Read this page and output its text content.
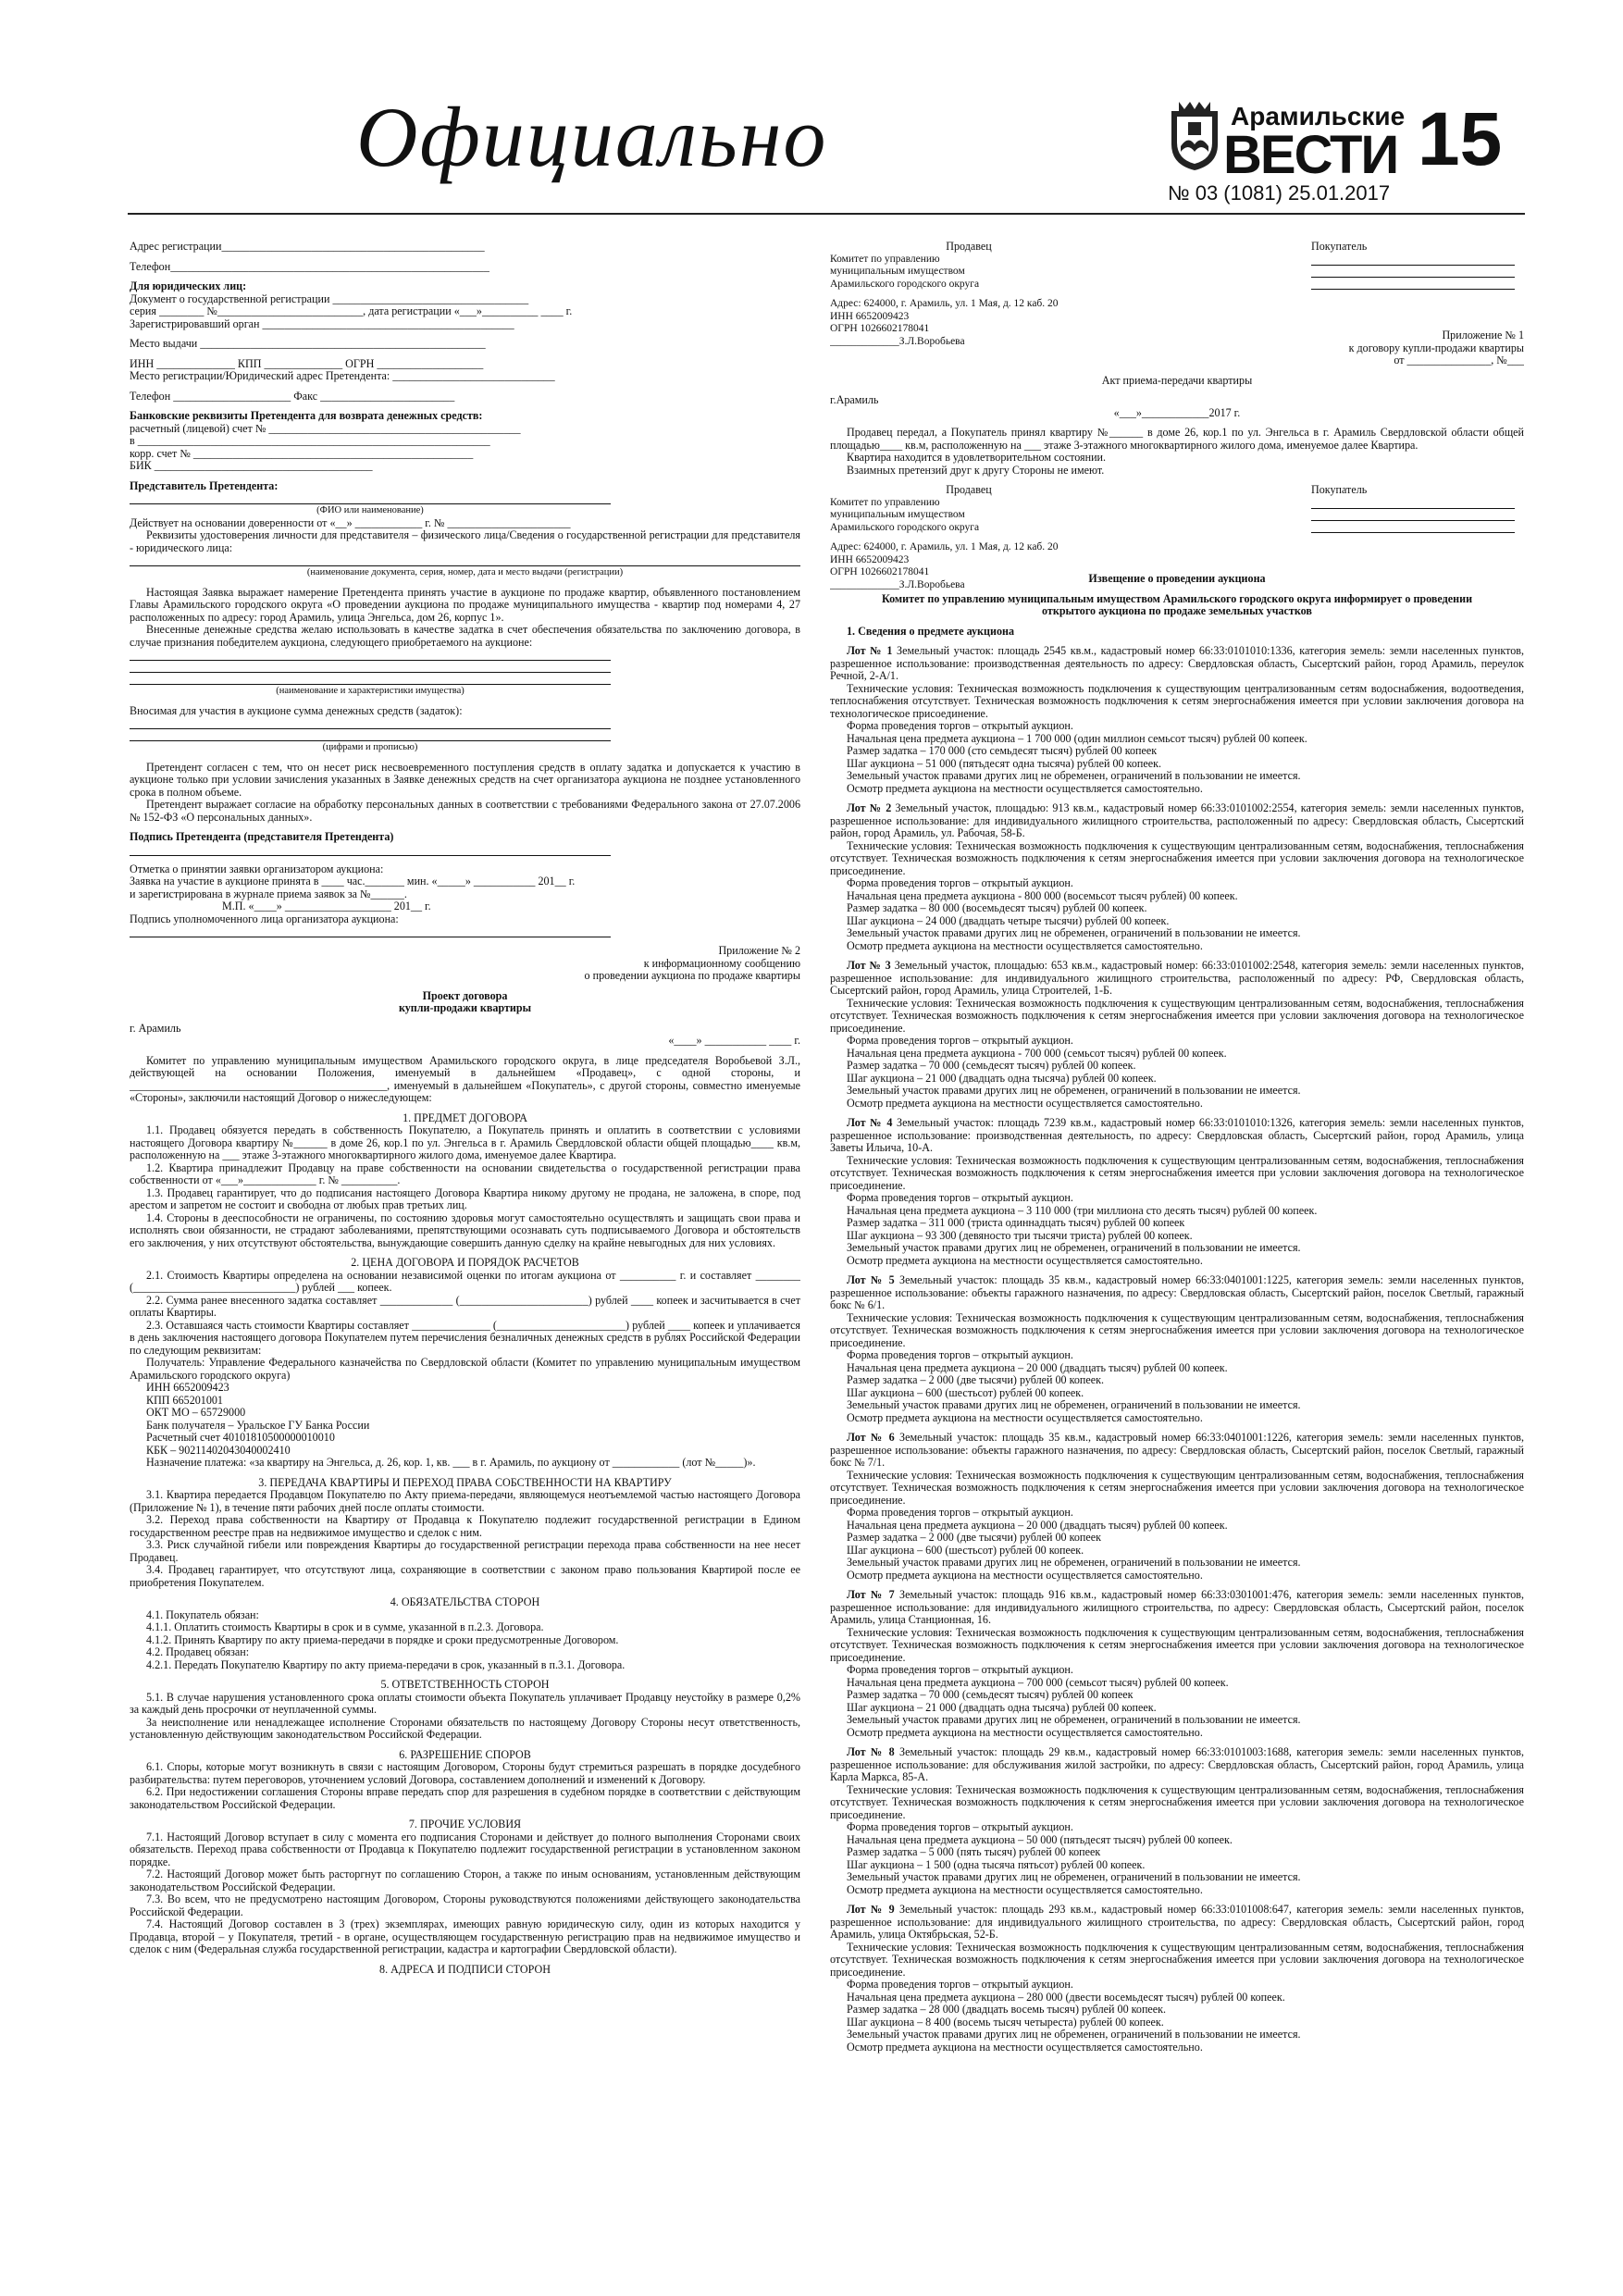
Официально	Арамильские
ВЕСТИ 15
№ 03 (1081) 25.01.2017

Адрес регистрации_______________________________________________

Телефон_________________________________________________________

Для юридических лиц:

Документ о государственной регистрации ___________________________________

серия ________ №__________________________, дата регистрации «___»__________ ____ г.

Зарегистрировавший орган _____________________________________________

Место выдачи ___________________________________________________

ИНН ______________ КПП ______________ ОГРН ___________________

Место регистрации/Юридический адрес Претендента: _____________________________

Телефон _____________________ Факс ________________________

Банковские реквизиты Претендента для возврата денежных средств:

расчетный (лицевой) счет № _____________________________________________

в _______________________________________________________________

корр. счет № __________________________________________________

БИК _______________________________________

Представитель Претендента:

(ФИО или наименование)

Действует на основании доверенности от «__» ____________ г. № ______________________

Реквизиты удостоверения личности для представителя – физического лица/Сведения о государственной регистрации для представителя - юридического лица:

(наименование документа, серия, номер, дата и место выдачи (регистрации)

Настоящая Заявка выражает намерение Претендента принять участие в аукционе по продаже квартир, объявленного постановлением Главы Арамильского городского округа «О проведении аукциона по продаже муниципального имущества - квартир под номерами 4, 27 расположенных по адресу: город Арамиль, улица Энгельса, дом 26, корпус 1».

Внесенные денежные средства желаю использовать в качестве задатка в счет обеспечения обязательства по заключению договора, в случае признания победителем аукциона, следующего приобретаемого на аукционе:

(наименование и характеристики имущества)

Вносимая для участия в аукционе сумма денежных средств (задаток):

(цифрами и прописью)

Претендент согласен с тем, что он несет риск несвоевременного поступления средств в оплату задатка и допускается к участию в аукционе только при условии зачисления указанных в Заявке денежных средств на счет организатора аукциона не позднее установленного срока в полном объеме.

Претендент выражает согласие на обработку персональных данных в соответствии с требованиями Федерального закона от 27.07.2006 № 152-ФЗ «О персональных данных».

Подпись Претендента (представителя Претендента)

Отметка о принятии заявки организатором аукциона:

Заявка на участие в аукционе принята в ____ час._______ мин. «_____» ___________ 201__ г.

и зарегистрирована в журнале приема заявок за №______.

М.П. «____» ___________________ 201__ г.

Подпись уполномоченного лица организатора аукциона:

Приложение № 2

к информационному сообщению

о проведении аукциона по продаже квартиры

Проект договора

купли-продажи квартиры

г. Арамиль

«____» ___________ ____ г.

Комитет по управлению муниципальным имуществом Арамильского городского округа, в лице председателя Воробьевой З.Л., действующей на основании Положения, именуемый в дальнейшем «Продавец», с одной стороны, и ______________________________________________, именуемый в дальнейшем «Покупатель», с другой стороны, совместно именуемые «Стороны», заключили настоящий Договор о нижеследующем:

1. ПРЕДМЕТ ДОГОВОРА

1.1. Продавец обязуется передать в собственность Покупателю, а Покупатель принять и оплатить в соответствии с условиями настоящего Договора квартиру №______ в доме 26, кор.1 по ул. Энгельса в г. Арамиль Свердловской области общей площадью____ кв.м, расположенную на ___ этаже 3-этажного многоквартирного жилого дома, именуемое далее Квартира.

1.2. Квартира принадлежит Продавцу на праве собственности на основании свидетельства о государственной регистрации права собственности от «___»_____________ г. № __________.

1.3. Продавец гарантирует, что до подписания настоящего Договора Квартира никому другому не продана, не заложена, в споре, под арестом и запретом не состоит и свободна от любых прав третьих лиц.

1.4. Стороны в дееспособности не ограничены, по состоянию здоровья могут самостоятельно осуществлять и защищать свои права и исполнять свои обязанности, не страдают заболеваниями, препятствующими осознавать суть подписываемого Договора и обстоятельств его заключения, у них отсутствуют обстоятельства, вынуждающие совершить данную сделку на крайне невыгодных для них условиях.

2. ЦЕНА ДОГОВОРА И ПОРЯДОК РАСЧЕТОВ

2.1. Стоимость Квартиры определена на основании независимой оценки по итогам аукциона от __________ г. и составляет ________ (_____________________________) рублей ___ копеек.

2.2. Сумма ранее внесенного задатка составляет _____________ (_______________________) рублей ____ копеек и засчитывается в счет оплаты Квартиры.

2.3. Оставшаяся часть стоимости Квартиры составляет ______________ (_______________________) рублей ____ копеек и уплачивается в день заключения настоящего договора Покупателем путем перечисления безналичных денежных средств в рублях Российской Федерации по следующим реквизитам:

Получатель: Управление Федерального казначейства по Свердловской области (Комитет по управлению муниципальным имуществом Арамильского городского округа)

ИНН 6652009423

КПП 665201001

ОКТ МО – 65729000

Банк получателя – Уральское ГУ Банка России

Расчетный счет 40101810500000010010

КБК – 90211402043040002410

Назначение платежа: «за квартиру на Энгельса, д. 26, кор. 1, кв. ___ в г. Арамиль, по аукциону от ____________ (лот №_____)».

3. ПЕРЕДАЧА КВАРТИРЫ И ПЕРЕХОД ПРАВА СОБСТВЕННОСТИ НА КВАРТИРУ

3.1. Квартира передается Продавцом Покупателю по Акту приема-передачи, являющемуся неотъемлемой частью настоящего Договора (Приложение № 1), в течение пяти рабочих дней после оплаты стоимости.

3.2. Переход права собственности на Квартиру от Продавца к Покупателю подлежит государственной регистрации в Едином государственном реестре прав на недвижимое имущество и сделок с ним.

3.3. Риск случайной гибели или повреждения Квартиры до государственной регистрации перехода права собственности на нее несет Продавец.

3.4. Продавец гарантирует, что отсутствуют лица, сохраняющие в соответствии с законом право пользования Квартирой после ее приобретения Покупателем.

4. ОБЯЗАТЕЛЬСТВА СТОРОН

4.1. Покупатель обязан:

4.1.1. Оплатить стоимость Квартиры в срок и в сумме, указанной в п.2.3. Договора.

4.1.2. Принять Квартиру по акту приема-передачи в порядке и сроки предусмотренные Договором.

4.2. Продавец обязан:

4.2.1. Передать Покупателю Квартиру по акту приема-передачи в срок, указанный в п.3.1. Договора.

5. ОТВЕТСТВЕННОСТЬ СТОРОН

5.1. В случае нарушения установленного срока оплаты стоимости объекта Покупатель уплачивает Продавцу неустойку в размере 0,2% за каждый день просрочки от неуплаченной суммы.

За неисполнение или ненадлежащее исполнение Сторонами обязательств по настоящему Договору Стороны несут ответственность, установленную действующим законодательством Российской Федерации.

6. РАЗРЕШЕНИЕ СПОРОВ

6.1. Споры, которые могут возникнуть в связи с настоящим Договором, Стороны будут стремиться разрешать в порядке досудебного разбирательства: путем переговоров, уточнением условий Договора, составлением дополнений и изменений к Договору.

6.2. При недостижении соглашения Стороны вправе передать спор для разрешения в судебном порядке в соответствии с действующим законодательством Российской Федерации.

7. ПРОЧИЕ УСЛОВИЯ

7.1. Настоящий Договор вступает в силу с момента его подписания Сторонами и действует до полного выполнения Сторонами своих обязательств. Переход права собственности от Продавца к Покупателю подлежит государственной регистрации в установленном законом порядке.

7.2. Настоящий Договор может быть расторгнут по соглашению Сторон, а также по иным основаниям, установленным действующим законодательством Российской Федерации.

7.3. Во всем, что не предусмотрено настоящим Договором, Стороны руководствуются положениями действующего законодательства Российской Федерации.

7.4. Настоящий Договор составлен в 3 (трех) экземплярах, имеющих равную юридическую силу, один из которых находится у Продавца, второй – у Покупателя, третий - в органе, осуществляющем государственную регистрацию прав на недвижимое имущество и сделок с ним (Федеральная служба государственной регистрации, кадастра и картографии Свердловской области).

8. АДРЕСА И ПОДПИСИ СТОРОН

Продавец

Комитет по управлению

муниципальным имуществом

Арамильского городского округа

Адрес: 624000, г. Арамиль, ул. 1 Мая, д. 12 каб. 20

ИНН 6652009423

ОГРН 1026602178041

_____________З.Л.Воробьева

Покупатель

Приложение № 1

к договору купли-продажи квартиры

от _______________, №___

Акт приема-передачи квартиры

г.Арамиль

«___»____________2017 г.

Продавец передал, а Покупатель принял квартиру №______ в доме 26, кор.1 по ул. Энгельса в г. Арамиль Свердловской области общей площадью____ кв.м, расположенную на ___ этаже 3-этажного многоквартирного жилого дома, именуемое далее Квартира.

Квартира находится в удовлетворительном состоянии.

Взаимных претензий друг к другу Стороны не имеют.

Продавец

Комитет по управлению

муниципальным имуществом

Арамильского городского округа

Адрес: 624000, г. Арамиль, ул. 1 Мая, д. 12 каб. 20

ИНН 6652009423

ОГРН 1026602178041

_____________З.Л.Воробьева

Покупатель

Извещение о проведении аукциона

Комитет по управлению муниципальным имуществом Арамильского городского округа информирует о проведении открытого аукциона по продаже земельных участков

1. Сведения о предмете аукциона

Лот № 1 Земельный участок: площадь 2545 кв.м., кадастровый номер 66:33:0101010:1336, категория земель: земли населенных пунктов, разрешенное использование: производственная деятельность по адресу: Свердловская область, Сысертский район, город Арамиль, переулок Речной, 2-А/1.

Технические условия: Техническая возможность подключения к существующим централизованным сетям водоснабжения, водоотведения, теплоснабжения отсутствует. Техническая возможность подключения к сетям энергоснабжения имеется при условии заключения договора на технологическое присоединение.

Форма проведения торгов – открытый аукцион.

Начальная цена предмета аукциона – 1 700 000 (один миллион семьсот тысяч) рублей 00 копеек.

Размер задатка – 170 000 (сто семьдесят тысяч) рублей 00 копеек

Шаг аукциона – 51 000 (пятьдесят одна тысяча) рублей 00 копеек.

Земельный участок правами других лиц не обременен, ограничений в пользовании не имеется.

Осмотр предмета аукциона на местности осуществляется самостоятельно.

Лот № 2 Земельный участок, площадью: 913 кв.м., кадастровый номер 66:33:0101002:2554, категория земель: земли населенных пунктов, разрешенное использование: для индивидуального жилищного строительства, расположенный по адресу: Свердловская область, Сысертский район, город Арамиль, ул. Рабочая, 58-Б.

Технические условия: Техническая возможность подключения к существующим централизованным сетям, водоснабжения, теплоснабжения отсутствует. Техническая возможность подключения к сетям энергоснабжения имеется при условии заключения договора на технологическое присоединение.

Форма проведения торгов – открытый аукцион.

Начальная цена предмета аукциона - 800 000 (восемьсот тысяч рублей) 00 копеек.

Размер задатка – 80 000 (восемьдесят тысяч) рублей 00 копеек.

Шаг аукциона – 24 000 (двадцать четыре тысячи) рублей 00 копеек.

Земельный участок правами других лиц не обременен, ограничений в пользовании не имеется.

Осмотр предмета аукциона на местности осуществляется самостоятельно.

Лот № 3 Земельный участок, площадью: 653 кв.м., кадастровый номер: 66:33:0101002:2548, категория земель: земли населенных пунктов, разрешенное использование: для индивидуального жилищного строительства, расположенный по адресу: РФ, Свердловская область, Сысертский район, город Арамиль, улица Строителей, 1-Б.

Технические условия: Техническая возможность подключения к существующим централизованным сетям, водоснабжения, теплоснабжения отсутствует. Техническая возможность подключения к сетям энергоснабжения имеется при условии заключения договора на технологическое присоединение.

Форма проведения торгов – открытый аукцион.

Начальная цена предмета аукциона - 700 000 (семьсот тысяч) рублей 00 копеек.

Размер задатка – 70 000 (семьдесят тысяч) рублей 00 копеек.

Шаг аукциона – 21 000 (двадцать одна тысяча) рублей 00 копеек.

Земельный участок правами других лиц не обременен, ограничений в пользовании не имеется.

Осмотр предмета аукциона на местности осуществляется самостоятельно.

Лот № 4 Земельный участок: площадь 7239 кв.м., кадастровый номер 66:33:0101010:1326, категория земель: земли населенных пунктов, разрешенное использование: производственная деятельность, по адресу: Свердловская область, Сысертский район, город Арамиль, улица Заветы Ильича, 10-А.

Технические условия: Техническая возможность подключения к существующим централизованным сетям, водоснабжения, теплоснабжения отсутствует. Техническая возможность подключения к сетям энергоснабжения имеется при условии заключения договора на технологическое присоединение.

Форма проведения торгов – открытый аукцион.

Начальная цена предмета аукциона – 3 110 000 (три миллиона сто десять тысяч) рублей 00 копеек.

Размер задатка – 311 000 (триста одиннадцать тысяч) рублей 00 копеек

Шаг аукциона – 93 300 (девяносто три тысячи триста) рублей 00 копеек.

Земельный участок правами других лиц не обременен, ограничений в пользовании не имеется.

Осмотр предмета аукциона на местности осуществляется самостоятельно.

Лот № 5 Земельный участок: площадь 35 кв.м., кадастровый номер 66:33:0401001:1225, категория земель: земли населенных пунктов, разрешенное использование: объекты гаражного назначения, по адресу: Свердловская область, Сысертский район, поселок Светлый, гаражный бокс № 6/1.

Технические условия: Техническая возможность подключения к существующим централизованным сетям, водоснабжения, теплоснабжения отсутствует. Техническая возможность подключения к сетям энергоснабжения имеется при условии заключения договора на технологическое присоединение.

Форма проведения торгов – открытый аукцион.

Начальная цена предмета аукциона – 20 000 (двадцать тысяч) рублей 00 копеек.

Размер задатка – 2 000 (две тысячи) рублей 00 копеек.

Шаг аукциона – 600 (шестьсот) рублей 00 копеек.

Земельный участок правами других лиц не обременен, ограничений в пользовании не имеется.

Осмотр предмета аукциона на местности осуществляется самостоятельно.

Лот № 6 Земельный участок: площадь 35 кв.м., кадастровый номер 66:33:0401001:1226, категория земель: земли населенных пунктов, разрешенное использование: объекты гаражного назначения, по адресу: Свердловская область, Сысертский район, поселок Светлый, гаражный бокс № 7/1.

Технические условия: Техническая возможность подключения к существующим централизованным сетям, водоснабжения, теплоснабжения отсутствует. Техническая возможность подключения к сетям энергоснабжения имеется при условии заключения договора на технологическое присоединение.

Форма проведения торгов – открытый аукцион.

Начальная цена предмета аукциона – 20 000 (двадцать тысяч) рублей 00 копеек.

Размер задатка – 2 000 (две тысячи) рублей 00 копеек

Шаг аукциона – 600 (шестьсот) рублей 00 копеек.

Земельный участок правами других лиц не обременен, ограничений в пользовании не имеется.

Осмотр предмета аукциона на местности осуществляется самостоятельно.

Лот № 7 Земельный участок: площадь 916 кв.м., кадастровый номер 66:33:0301001:476, категория земель: земли населенных пунктов, разрешенное использование: для индивидуального жилищного строительства, по адресу: Свердловская область, Сысертский район, поселок Арамиль, улица Станционная, 16.

Технические условия: Техническая возможность подключения к существующим централизованным сетям, водоснабжения, теплоснабжения отсутствует. Техническая возможность подключения к сетям энергоснабжения имеется при условии заключения договора на технологическое присоединение.

Форма проведения торгов – открытый аукцион.

Начальная цена предмета аукциона – 700 000 (семьсот тысяч) рублей 00 копеек.

Размер задатка – 70 000 (семьдесят тысяч) рублей 00 копеек

Шаг аукциона – 21 000 (двадцать одна тысяча) рублей 00 копеек.

Земельный участок правами других лиц не обременен, ограничений в пользовании не имеется.

Осмотр предмета аукциона на местности осуществляется самостоятельно.

Лот № 8 Земельный участок: площадь 29 кв.м., кадастровый номер 66:33:0101003:1688, категория земель: земли населенных пунктов, разрешенное использование: для обслуживания жилой застройки, по адресу: Свердловская область, Сысертский район, город Арамиль, улица Карла Маркса, 85-А.

Технические условия: Техническая возможность подключения к существующим централизованным сетям, водоснабжения, теплоснабжения отсутствует. Техническая возможность подключения к сетям энергоснабжения имеется при условии заключения договора на технологическое присоединение.

Форма проведения торгов – открытый аукцион.

Начальная цена предмета аукциона – 50 000 (пятьдесят тысяч) рублей 00 копеек.

Размер задатка – 5 000 (пять тысяч) рублей 00 копеек

Шаг аукциона – 1 500 (одна тысяча пятьсот) рублей 00 копеек.

Земельный участок правами других лиц не обременен, ограничений в пользовании не имеется.

Осмотр предмета аукциона на местности осуществляется самостоятельно.

Лот № 9 Земельный участок: площадь 293 кв.м., кадастровый номер 66:33:0101008:647, категория земель: земли населенных пунктов, разрешенное использование: для индивидуального жилищного строительства, по адресу: Свердловская область, Сысертский район, город Арамиль, улица Октябрьская, 52-Б.

Технические условия: Техническая возможность подключения к существующим централизованным сетям, водоснабжения, теплоснабжения отсутствует. Техническая возможность подключения к сетям энергоснабжения имеется при условии заключения договора на технологическое присоединение.

Форма проведения торгов – открытый аукцион.

Начальная цена предмета аукциона – 280 000 (двести восемьдесят тысяч) рублей 00 копеек.

Размер задатка – 28 000 (двадцать восемь тысяч) рублей 00 копеек.

Шаг аукциона – 8 400 (восемь тысяч четыреста) рублей 00 копеек.

Земельный участок правами других лиц не обременен, ограничений в пользовании не имеется.

Осмотр предмета аукциона на местности осуществляется самостоятельно.
